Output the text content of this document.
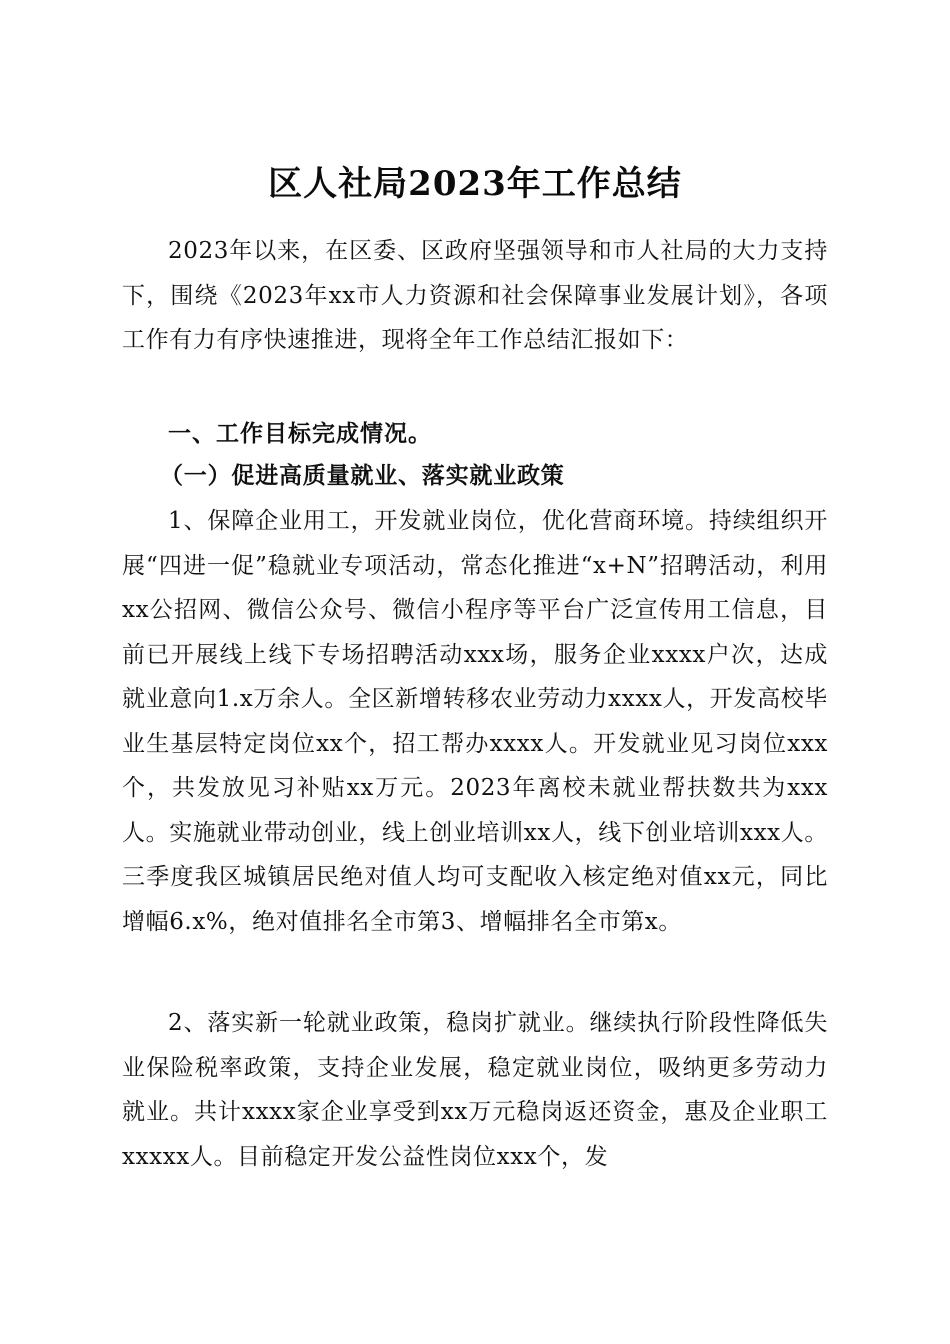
区人社局2023年工作总结

2023年以来，在区委、区政府坚强领导和市人社局的大力支持下，围绕《2023年xx市人力资源和社会保障事业发展计划》，各项工作有力有序快速推进，现将全年工作总结汇报如下：

一、工作目标完成情况。
（一）促进高质量就业、落实就业政策

1、保障企业用工，开发就业岗位，优化营商环境。持续组织开展“四进一促”稳就业专项活动，常态化推进“x+N”招聘活动，利用xx公招网、微信公众号、微信小程序等平台广泛宣传用工信息，目前已开展线上线下专场招聘活动xxx场，服务企业xxxx户次，达成就业意向1.x万余人。全区新增转移农业劳动力xxxx人，开发高校毕业生基层特定岗位xx个，招工帮办xxxx人。开发就业见习岗位xxx个，共发放见习补贴xx万元。2023年离校未就业帮扶数共为xxx人。实施就业带动创业，线上创业培训xx人，线下创业培训xxx人。三季度我区城镇居民绝对值人均可支配收入核定绝对值xx元，同比增幅6.x%，绝对值排名全市第3、增幅排名全市第x。

2、落实新一轮就业政策，稳岗扩就业。继续执行阶段性降低失业保险税率政策，支持企业发展，稳定就业岗位，吸纳更多劳动力就业。共计xxxx家企业享受到xx万元稳岗返还资金，惠及企业职工xxxxx人。目前稳定开发公益性岗位xxx个，发
